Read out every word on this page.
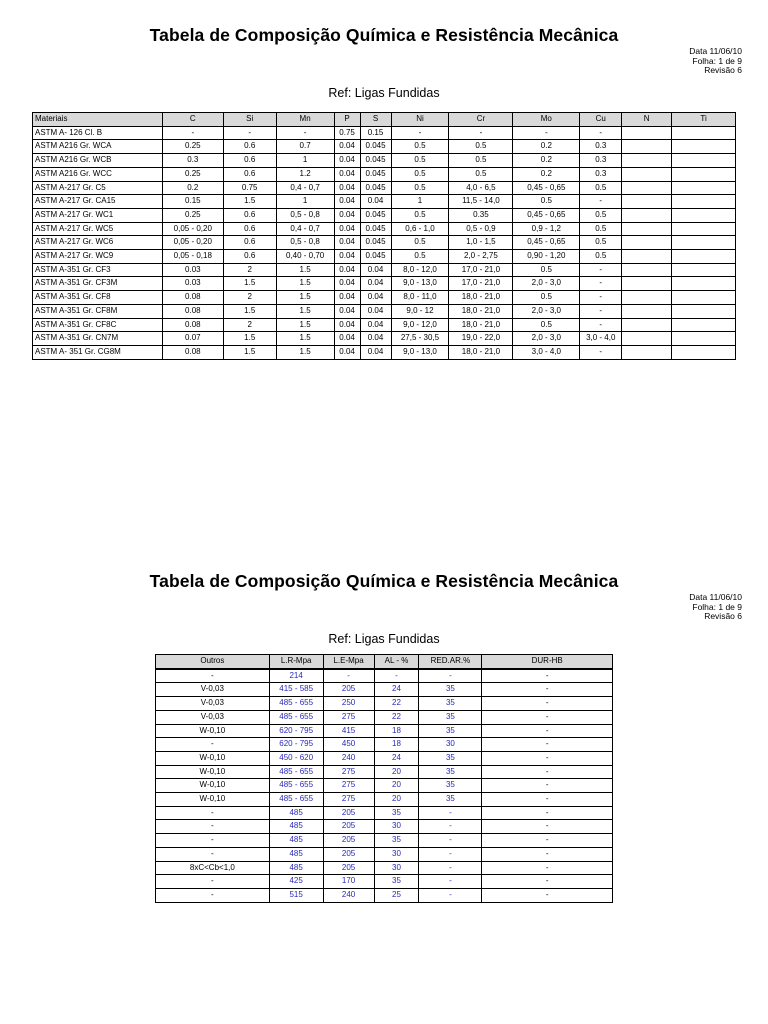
Tabela de Composição Química e Resistência Mecânica
Data 11/06/10
Folha: 1 de 9
Revisão 6
Ref: Ligas Fundidas
Materiais	C	Si	Mn	P	S	Ni	Cr	Mo	Cu	N	Ti
ASTM A- 126 Cl. B	-	-	-	0.75	0.15	-	-	-	-		
ASTM A216 Gr. WCA	0.25	0.6	0.7	0.04	0.045	0.5	0.5	0.2	0.3		
ASTM A216 Gr. WCB	0.3	0.6	1	0.04	0.045	0.5	0.5	0.2	0.3		
ASTM A216 Gr. WCC	0.25	0.6	1.2	0.04	0.045	0.5	0.5	0.2	0.3		
ASTM A-217 Gr. C5	0.2	0.75	0,4 - 0,7	0.04	0.045	0.5	4,0 - 6,5	0,45 - 0,65	0.5		
ASTM A-217 Gr. CA15	0.15	1.5	1	0.04	0.04	1	11,5 - 14,0	0.5	-		
ASTM A-217 Gr. WC1	0.25	0.6	0,5 - 0,8	0.04	0.045	0.5	0.35	0,45 - 0,65	0.5		
ASTM A-217 Gr. WC5	0,05 - 0,20	0.6	0,4 - 0,7	0.04	0.045	0,6 - 1,0	0,5 - 0,9	0,9 - 1,2	0.5		
ASTM A-217 Gr. WC6	0,05 - 0,20	0.6	0,5 - 0,8	0.04	0.045	0.5	1,0 - 1,5	0,45 - 0,65	0.5		
ASTM A-217 Gr. WC9	0,05 - 0,18	0.6	0,40 - 0,70	0.04	0.045	0.5	2,0 - 2,75	0,90 - 1,20	0.5		
ASTM A-351 Gr. CF3	0.03	2	1.5	0.04	0.04	8,0 - 12,0	17,0 - 21,0	0.5	-		
ASTM A-351 Gr. CF3M	0.03	1.5	1.5	0.04	0.04	9,0 - 13,0	17,0 - 21,0	2,0 - 3,0	-		
ASTM A-351 Gr. CF8	0.08	2	1.5	0.04	0.04	8,0 - 11,0	18,0 - 21,0	0.5	-		
ASTM A-351 Gr. CF8M	0.08	1.5	1.5	0.04	0.04	9,0 - 12	18,0 - 21,0	2,0 - 3,0	-		
ASTM A-351 Gr. CF8C	0.08	2	1.5	0.04	0.04	9,0 - 12,0	18,0 - 21,0	0.5	-		
ASTM A-351 Gr. CN7M	0.07	1.5	1.5	0.04	0.04	27,5 - 30,5	19,0 - 22,0	2,0 - 3,0	3,0 - 4,0		
ASTM A- 351 Gr. CG8M	0.08	1.5	1.5	0.04	0.04	9,0 - 13,0	18,0 - 21,0	3,0 - 4,0	-		
Tabela de Composição Química e Resistência Mecânica
Data 11/06/10
Folha: 1 de 9
Revisão 6
Ref: Ligas Fundidas
Outros	L.R-Mpa	L.E-Mpa	AL - %	RED.AR.%	DUR-HB
-	214	-	-	-	-
V-0,03	415 - 585	205	24	35	-
V-0,03	485 - 655	250	22	35	-
V-0,03	485 - 655	275	22	35	-
W-0,10	620 - 795	415	18	35	-
-	620 - 795	450	18	30	-
W-0,10	450 - 620	240	24	35	-
W-0,10	485 - 655	275	20	35	-
W-0,10	485 - 655	275	20	35	-
W-0,10	485 - 655	275	20	35	-
-	485	205	35	-	-
-	485	205	30	-	-
-	485	205	35	-	-
-	485	205	30	-	-
8xC<Cb<1,0	485	205	30	-	-
-	425	170	35	-	-
-	515	240	25	-	-
